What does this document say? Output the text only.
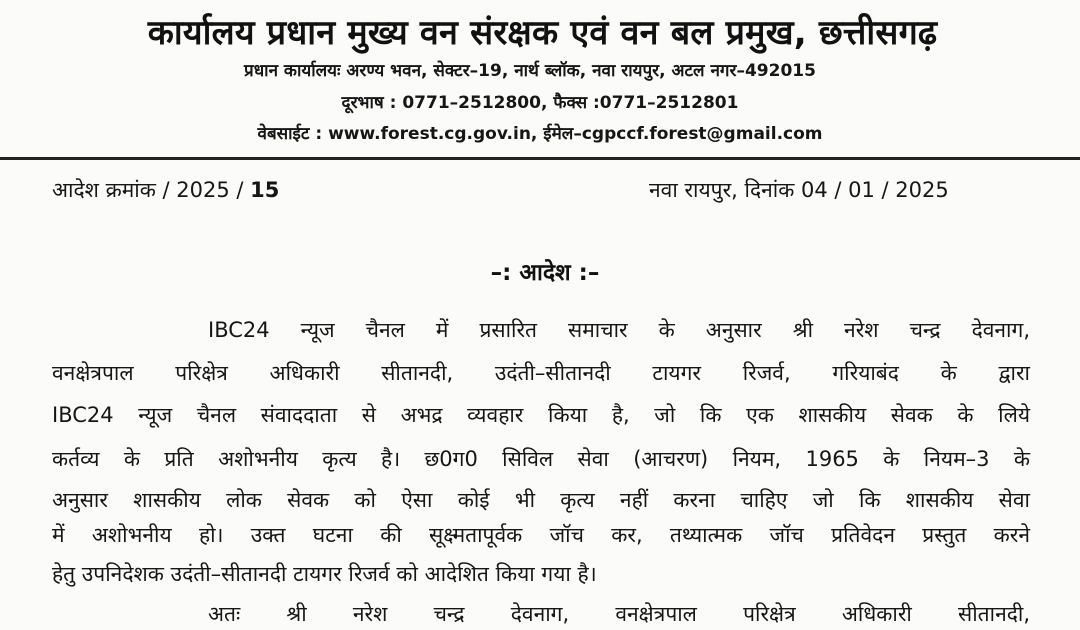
कार्यालय प्रधान मुख्य वन संरक्षक एवं वन बल प्रमुख, छत्तीसगढ़
प्रधान कार्यालयः अरण्य भवन, सेक्टर–19, नार्थ ब्लॉक, नवा रायपुर, अटल नगर–492015
दूरभाष : 0771–2512800, फैक्स :0771–2512801
वेबसाईट : www.forest.cg.gov.in, ईमेल–cgpccf.forest@gmail.com
आदेश क्रमांक / 2025 / 15	नवा रायपुर, दिनांक 04 / 01 / 2025
–: आदेश :–
IBC24 न्यूज चैनल में प्रसारित समाचार के अनुसार श्री नरेश चन्द्र देवनाग,
वनक्षेत्रपाल परिक्षेत्र अधिकारी सीतानदी, उदंती–सीतानदी टायगर रिजर्व, गरियाबंद के द्वारा
IBC24 न्यूज चैनल संवाददाता से अभद्र व्यवहार किया है, जो कि एक शासकीय सेवक के लिये
कर्तव्य के प्रति अशोभनीय कृत्य है। छ0ग0 सिविल सेवा (आचरण) नियम, 1965 के नियम–3 के
अनुसार शासकीय लोक सेवक को ऐसा कोई भी कृत्य नहीं करना चाहिए जो कि शासकीय सेवा
में अशोभनीय हो। उक्त घटना की सूक्ष्मतापूर्वक जॉच कर, तथ्यात्मक जॉच प्रतिवेदन प्रस्तुत करने
हेतु उपनिदेशक उदंती–सीतानदी टायगर रिजर्व को आदेशित किया गया है।
अतः श्री नरेश चन्द्र देवनाग, वनक्षेत्रपाल परिक्षेत्र अधिकारी सीतानदी,
